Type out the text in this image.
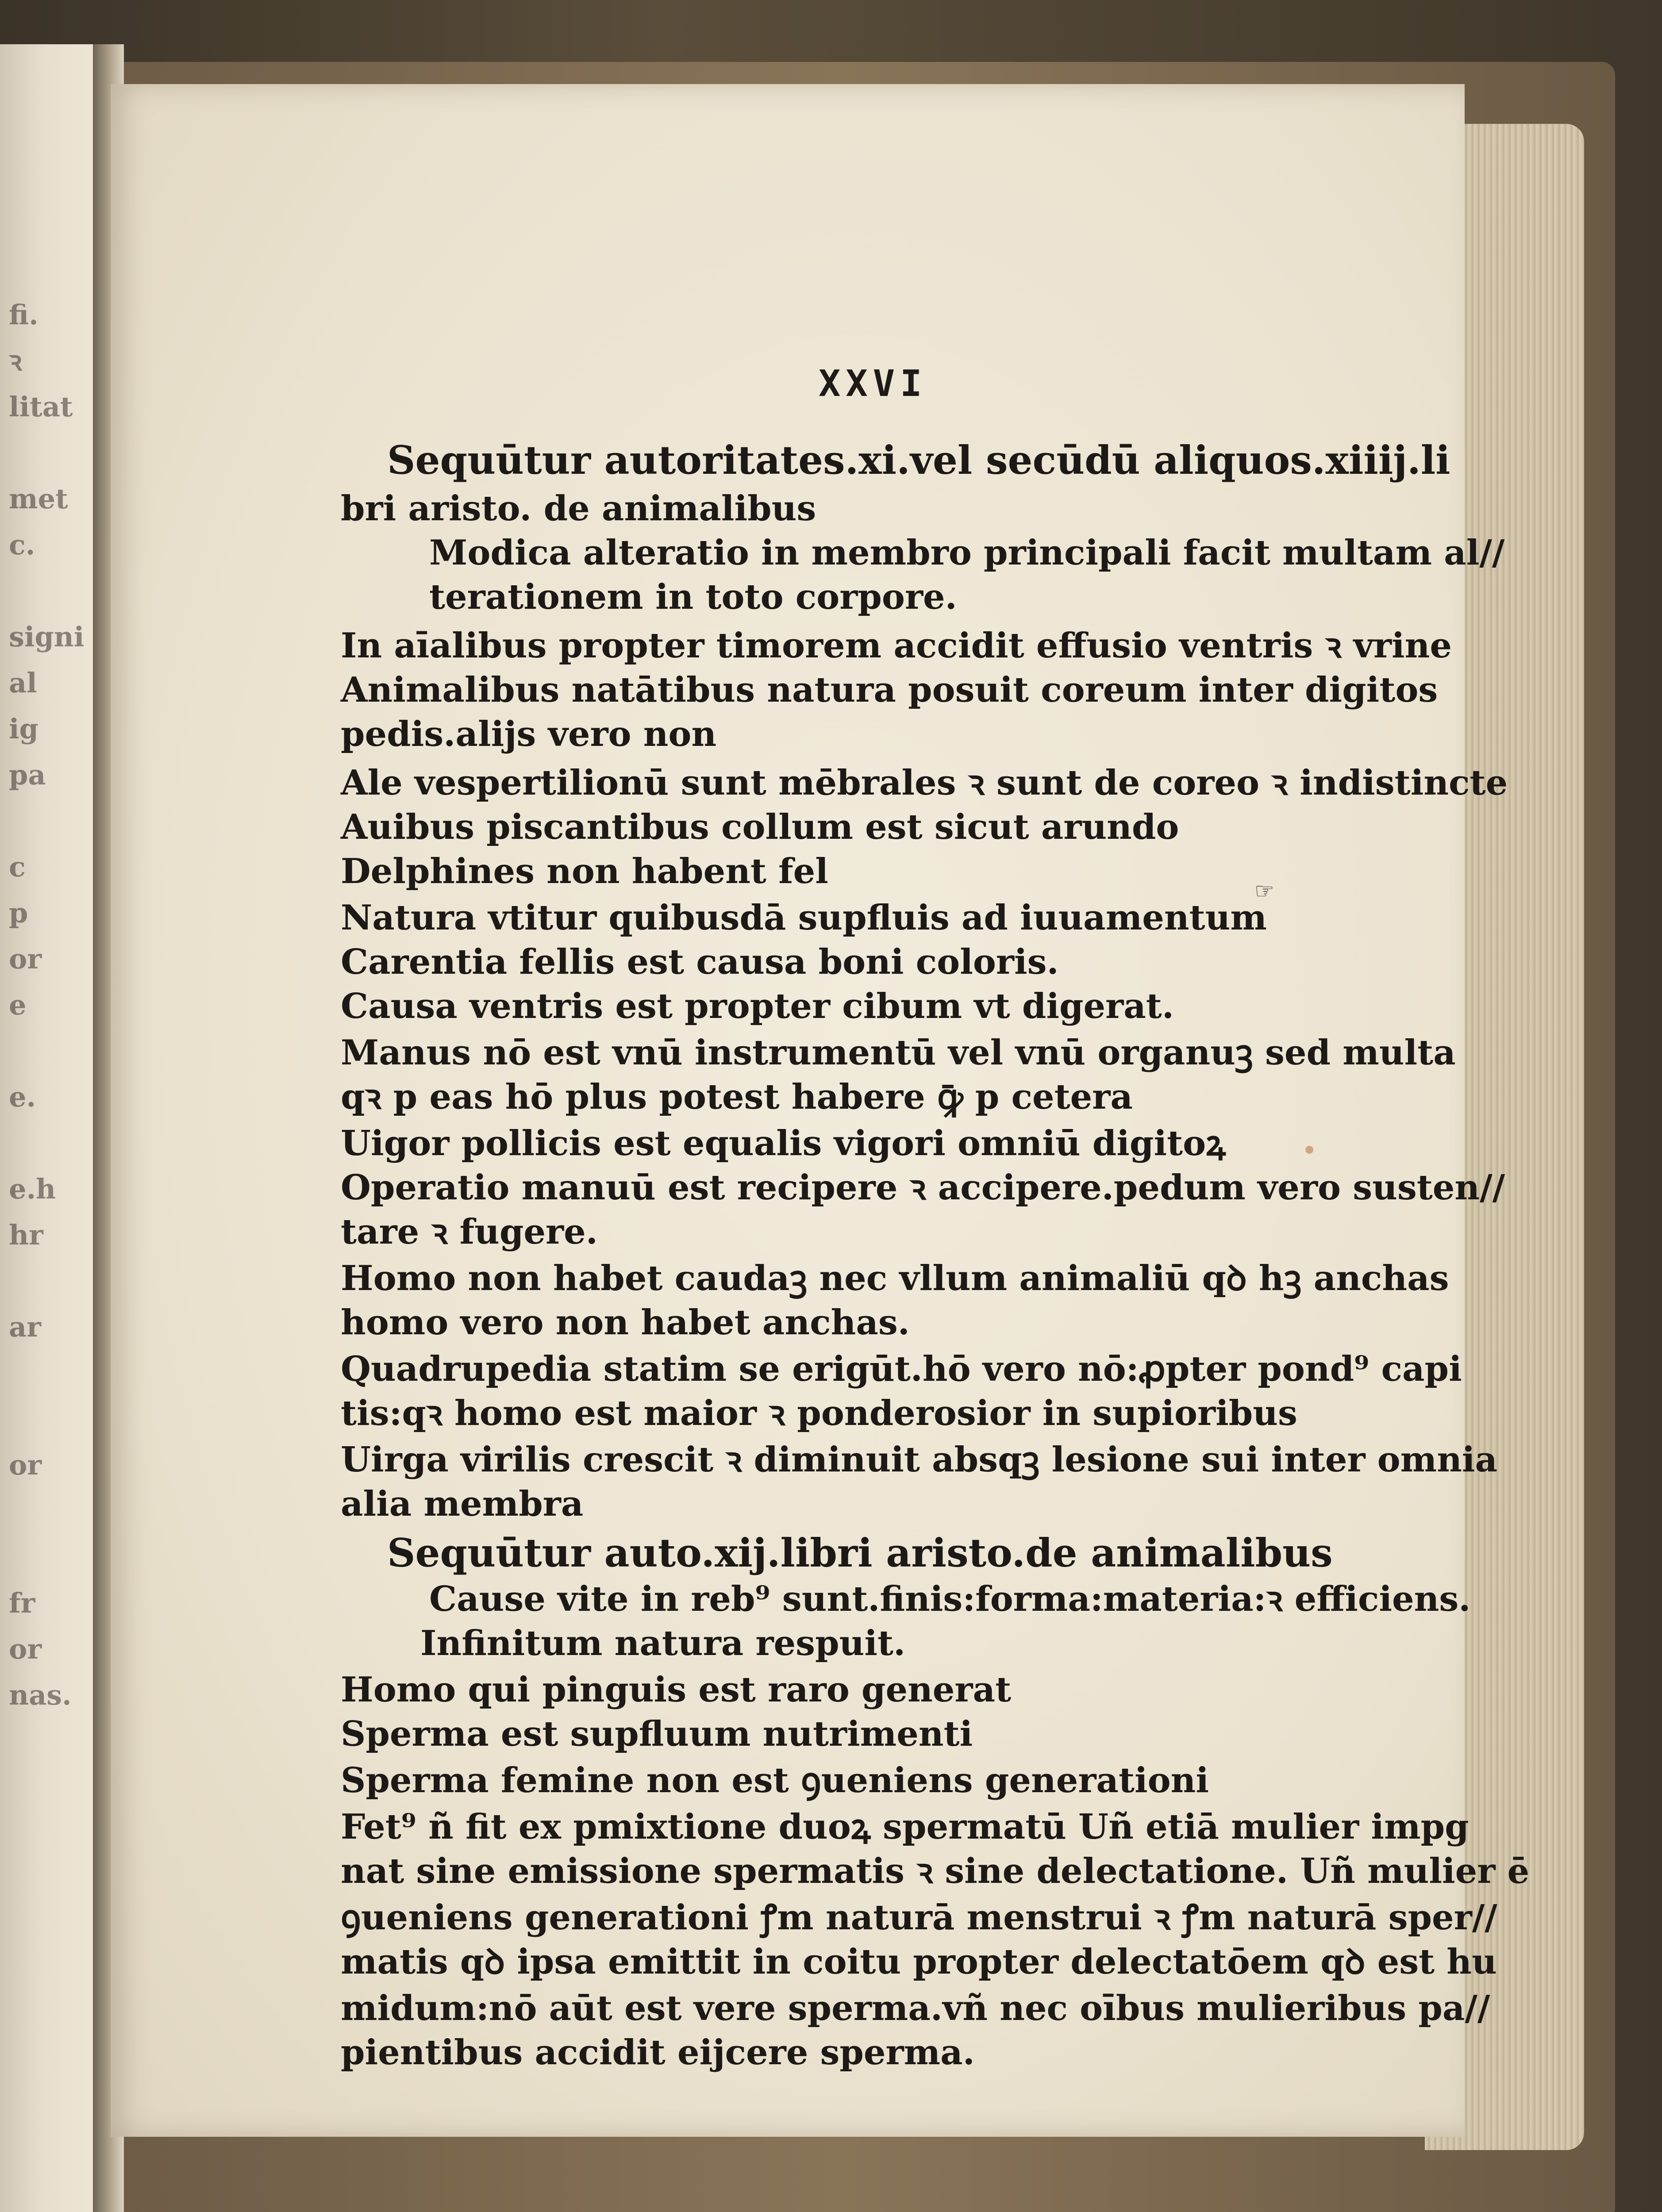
fi.
ꝛ
litat

met
c.

signi
al
ig
pa

c
p
or
e

e.

e.h
hr

ar

or

fr
or
nas.
XXVI
☞
Sequūtur autoritates.xi.vel secūdū aliquos.xiiij.li
bri aristo. de animalibus
Modica alteratio in membro principali facit multam al//
terationem in toto corpore.
In aīalibus propter timorem accidit effusio ventris ꝛ vrine
Animalibus natātibus natura posuit coreum inter digitos
pedis.alijs vero non
Ale vespertilionū sunt mēbrales ꝛ sunt de coreo ꝛ indistincte
Auibus piscantibus collum est sicut arundo
Delphines non habent fel
Natura vtitur quibusdā supfluis ad iuuamentum
Carentia fellis est causa boni coloris.
Causa ventris est propter cibum vt digerat.
Manus nō est vnū instrumentū vel vnū organuꝫ sed multa
qꝛ p eas hō plus potest habere ꝙ̄ p cetera
Uigor pollicis est equalis vigori omniū digitoꝝ
Operatio manuū est recipere ꝛ accipere.pedum vero susten//
tare ꝛ fugere.
Homo non habet caudaꝫ nec vllum animaliū qꝺ hꝫ anchas
homo vero non habet anchas.
Quadrupedia statim se erigūt.hō vero nō:ꝓpter pond⁹ capi
tis:qꝛ homo est maior ꝛ ponderosior in supioribus
Uirga virilis crescit ꝛ diminuit absqꝫ lesione sui inter omnia
alia membra
Sequūtur auto.xij.libri aristo.de animalibus
Cause vite in reb⁹ sunt.finis:forma:materia:ꝛ efficiens.
Infinitum natura respuit.
Homo qui pinguis est raro generat
Sperma est supfluum nutrimenti
Sperma femine non est ꝯueniens generationi
Fet⁹ ñ fit ex pmixtione duoꝝ spermatū Uñ etiā mulier impg
nat sine emissione spermatis ꝛ sine delectatione. Uñ mulier ē
ꝯueniens generationi ꝭm naturā menstrui ꝛ ꝭm naturā sper//
matis qꝺ ipsa emittit in coitu propter delectatōem qꝺ est hu
midum:nō aūt est vere sperma.vñ nec oībus mulieribus pa//
pientibus accidit eijcere sperma.
